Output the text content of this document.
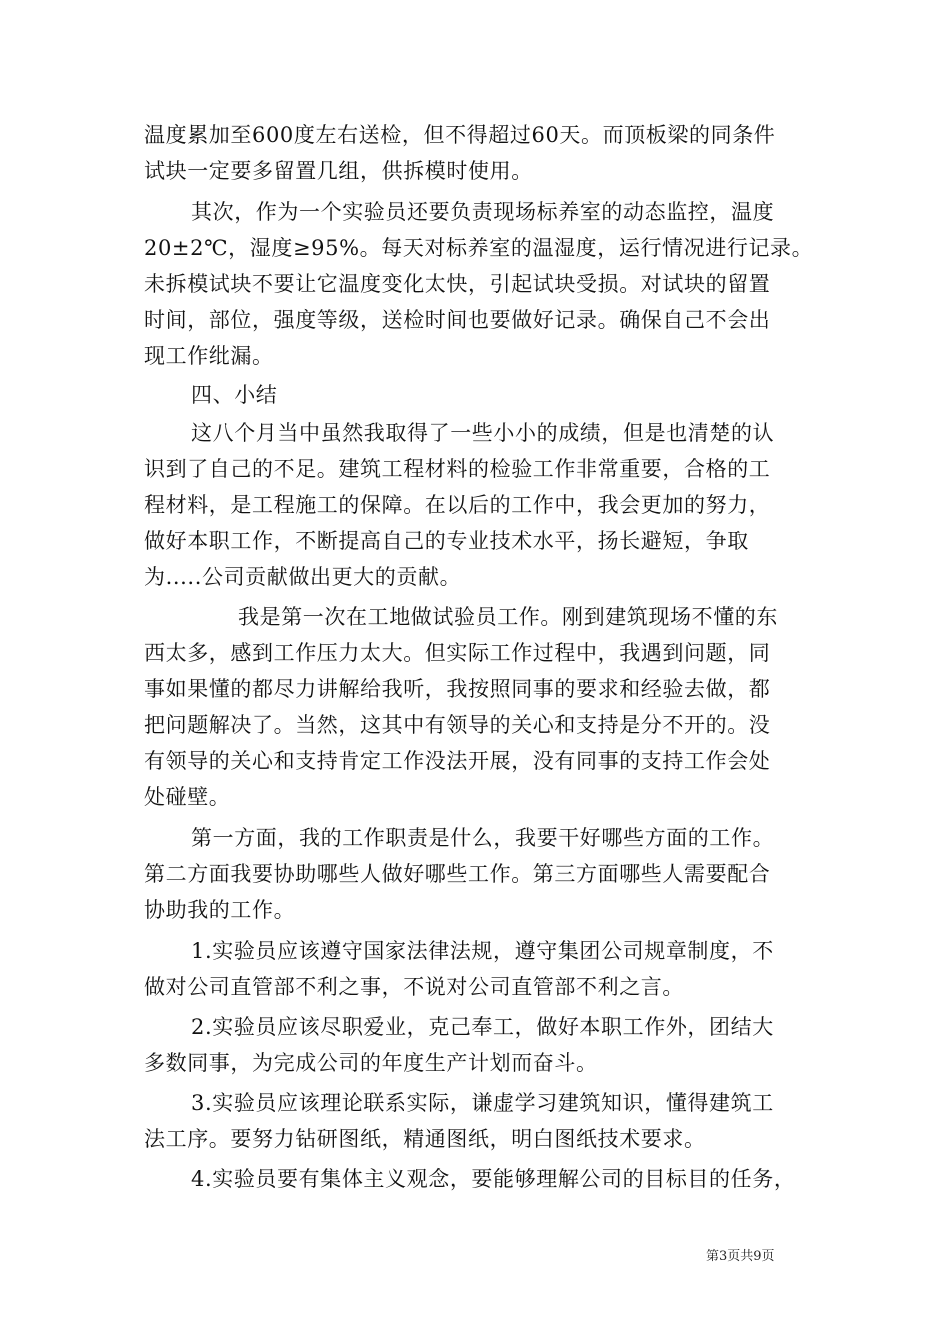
温度累加至600度左右送检，但不得超过60天。而顶板梁的同条件
试块一定要多留置几组，供拆模时使用。
其次，作为一个实验员还要负责现场标养室的动态监控，温度
20±2℃，湿度≥95%。每天对标养室的温湿度，运行情况进行记录。
未拆模试块不要让它温度变化太快，引起试块受损。对试块的留置
时间，部位，强度等级，送检时间也要做好记录。确保自己不会出
现工作纰漏。
四、小结
这八个月当中虽然我取得了一些小小的成绩，但是也清楚的认
识到了自己的不足。建筑工程材料的检验工作非常重要，合格的工
程材料，是工程施工的保障。在以后的工作中，我会更加的努力，
做好本职工作，不断提高自己的专业技术水平，扬长避短，争取
为.....公司贡献做出更大的贡献。
我是第一次在工地做试验员工作。刚到建筑现场不懂的东
西太多，感到工作压力太大。但实际工作过程中，我遇到问题，同
事如果懂的都尽力讲解给我听，我按照同事的要求和经验去做，都
把问题解决了。当然，这其中有领导的关心和支持是分不开的。没
有领导的关心和支持肯定工作没法开展，没有同事的支持工作会处
处碰壁。
第一方面，我的工作职责是什么，我要干好哪些方面的工作。
第二方面我要协助哪些人做好哪些工作。第三方面哪些人需要配合
协助我的工作。
1.实验员应该遵守国家法律法规，遵守集团公司规章制度，不
做对公司直管部不利之事，不说对公司直管部不利之言。
2.实验员应该尽职爱业，克己奉工，做好本职工作外，团结大
多数同事，为完成公司的年度生产计划而奋斗。
3.实验员应该理论联系实际，谦虚学习建筑知识，懂得建筑工
法工序。要努力钻研图纸，精通图纸，明白图纸技术要求。
4.实验员要有集体主义观念，要能够理解公司的目标目的任务，
第3页共9页
